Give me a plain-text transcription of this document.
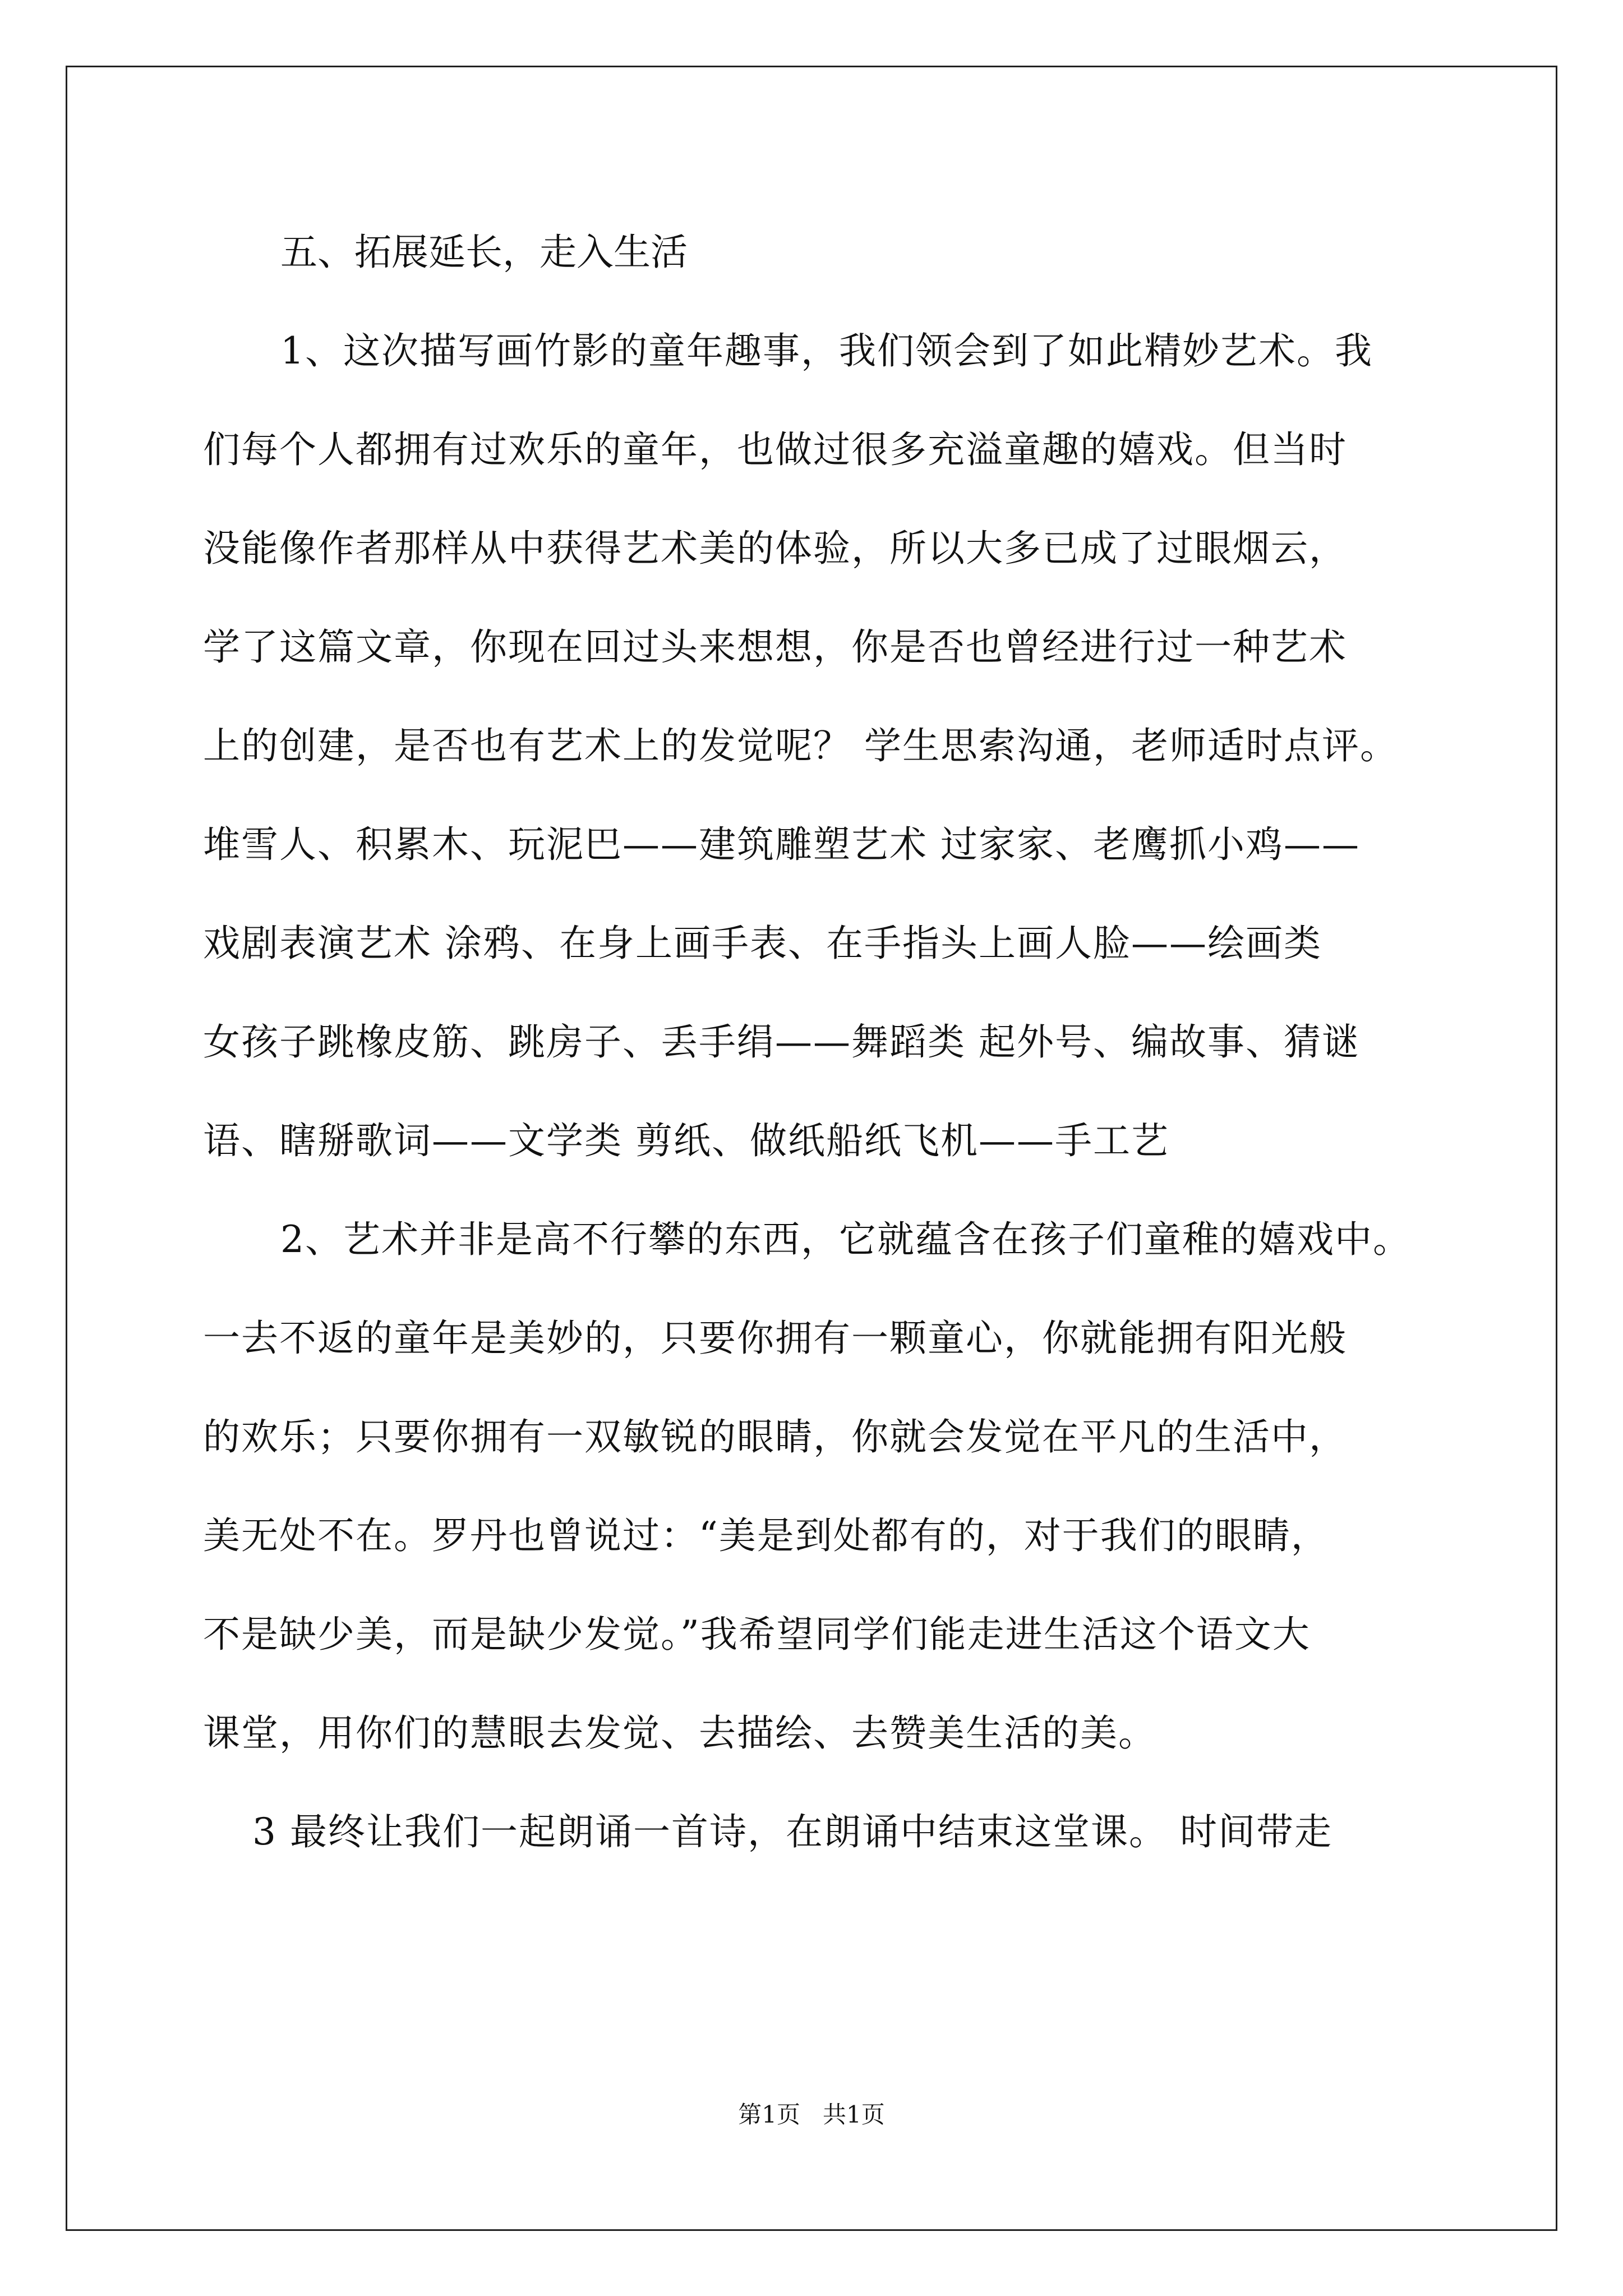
五、拓展延长，走入生活
1、这次描写画竹影的童年趣事，我们领会到了如此精妙艺术。我
们每个人都拥有过欢乐的童年，也做过很多充溢童趣的嬉戏。但当时
没能像作者那样从中获得艺术美的体验，所以大多已成了过眼烟云，
学了这篇文章，你现在回过头来想想，你是否也曾经进行过一种艺术
上的创建，是否也有艺术上的发觉呢？ 学生思索沟通，老师适时点评。
堆雪人、积累木、玩泥巴——建筑雕塑艺术 过家家、老鹰抓小鸡——
戏剧表演艺术 涂鸦、在身上画手表、在手指头上画人脸——绘画类
女孩子跳橡皮筋、跳房子、丢手绢——舞蹈类 起外号、编故事、猜谜
语、瞎掰歌词——文学类 剪纸、做纸船纸飞机——手工艺
2、艺术并非是高不行攀的东西，它就蕴含在孩子们童稚的嬉戏中。
一去不返的童年是美妙的，只要你拥有一颗童心，你就能拥有阳光般
的欢乐；只要你拥有一双敏锐的眼睛，你就会发觉在平凡的生活中，
美无处不在。罗丹也曾说过：“美是到处都有的，对于我们的眼睛，
不是缺少美，而是缺少发觉。”我希望同学们能走进生活这个语文大
课堂，用你们的慧眼去发觉、去描绘、去赞美生活的美。
3 最终让我们一起朗诵一首诗，在朗诵中结束这堂课。 时间带走
第1页   共1页
